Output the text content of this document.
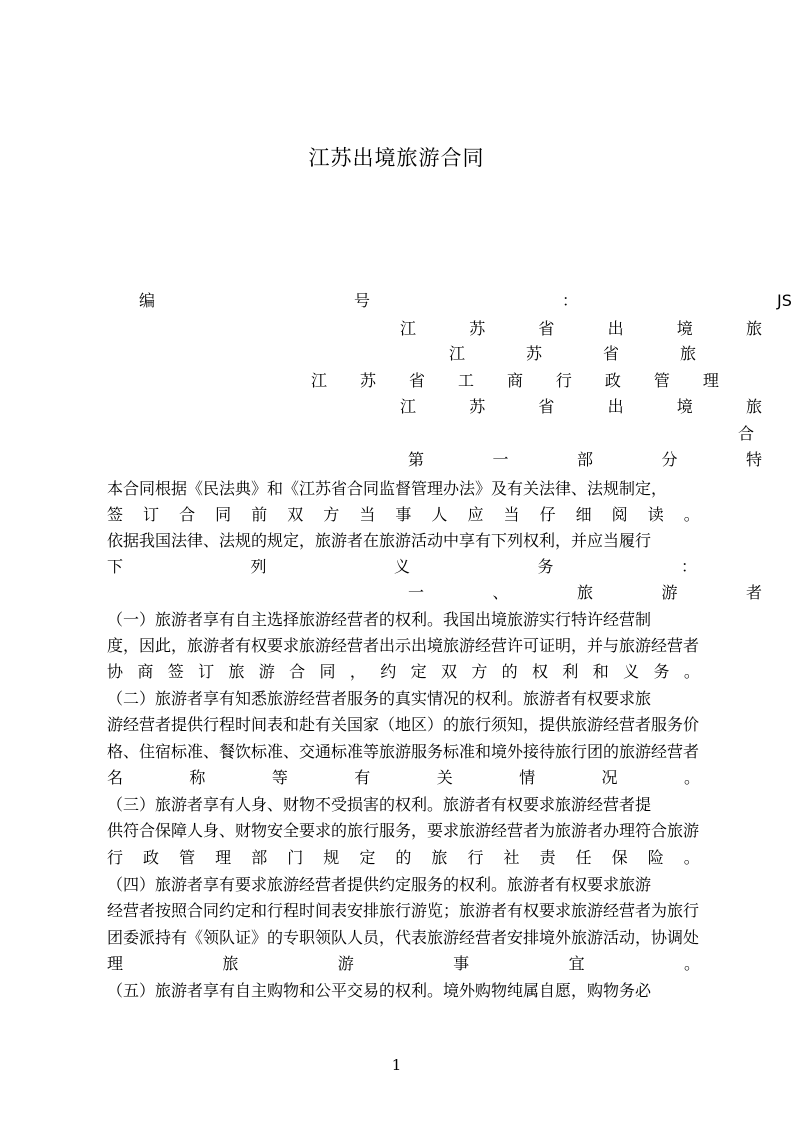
江苏出境旅游合同
编	号	：	JS
江	苏	省	出	境	旅
江	苏	省	旅
江 苏 省 工 商 行 政 管 理
江	苏	省	出	境	旅
合
第	一	部	分	特
本合同根据《民法典》和《江苏省合同监督管理办法》及有关法律、法规制定，
签 订 合 同 前 双 方 当 事 人 应 当 仔 细 阅 读 。
依据我国法律、法规的规定，旅游者在旅游活动中享有下列权利，并应当履行
下	列	义	务	：
一	、	旅	游	者
（一）旅游者享有自主选择旅游经营者的权利。我国出境旅游实行特许经营制
度，因此，旅游者有权要求旅游经营者出示出境旅游经营许可证明，并与旅游经营者
协 商 签 订 旅 游 合 同 ， 约 定 双 方 的 权 利 和 义 务 。
（二）旅游者享有知悉旅游经营者服务的真实情况的权利。旅游者有权要求旅
游经营者提供行程时间表和赴有关国家（地区）的旅行须知，提供旅游经营者服务价
格、住宿标准、餐饮标准、交通标准等旅游服务标准和境外接待旅行团的旅游经营者
名	称	等	有	关	情	况	。
（三）旅游者享有人身、财物不受损害的权利。旅游者有权要求旅游经营者提
供符合保障人身、财物安全要求的旅行服务，要求旅游经营者为旅游者办理符合旅游
行 政 管 理 部 门 规 定 的 旅 行 社 责 任 保 险 。
（四）旅游者享有要求旅游经营者提供约定服务的权利。旅游者有权要求旅游
经营者按照合同约定和行程时间表安排旅行游览；旅游者有权要求旅游经营者为旅行
团委派持有《领队证》的专职领队人员，代表旅游经营者安排境外旅游活动，协调处
理	旅	游	事	宜	。
（五）旅游者享有自主购物和公平交易的权利。境外购物纯属自愿，购物务必
1
